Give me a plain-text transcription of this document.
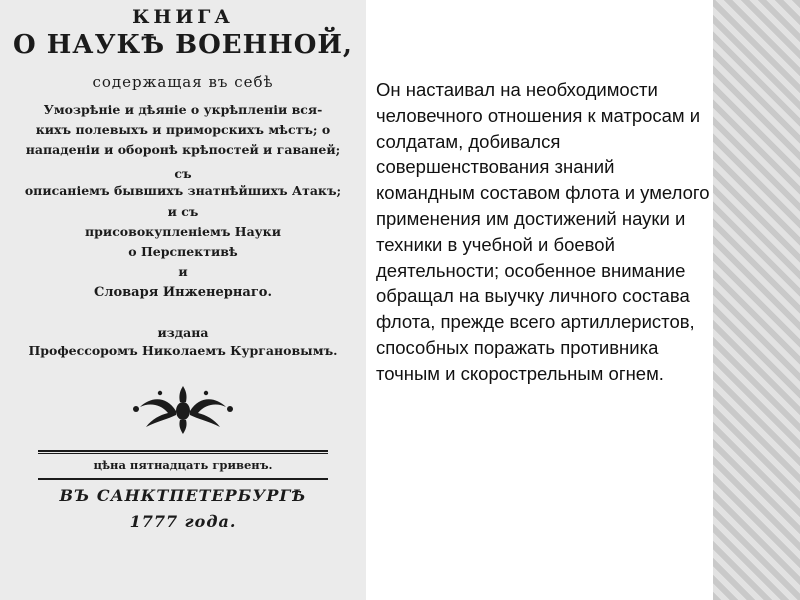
КНИГА
О НАУКѢ ВОЕННОЙ,
содержащая въ себѣ
Умозрѣніе и дѣяніе о укрѣпленіи вся-
кихъ полевыхъ и приморскихъ мѣстъ; о
нападеніи и оборонѣ крѣпостей и гаваней;
съ
описаніемъ бывшихъ знатнѣйшихъ Атакъ;
и съ
присовокупленіемъ Науки
о Перспективѣ
и
Словаря Инженернаго.
издана
Профессоромъ Николаемъ Кургановымъ.
цѣна пятнадцать гривенъ.
ВЪ САНКТПЕТЕРБУРГѢ
1777 года.

Он настаивал на необходимости человечного отношения к матросам и солдатам, добивался совершенствования знаний командным составом флота и умелого применения им достижений науки и техники в учебной и боевой деятельности; особенное внимание обращал на выучку личного состава флота, прежде всего артиллеристов, способных поражать противника точным и скорострельным огнем.
